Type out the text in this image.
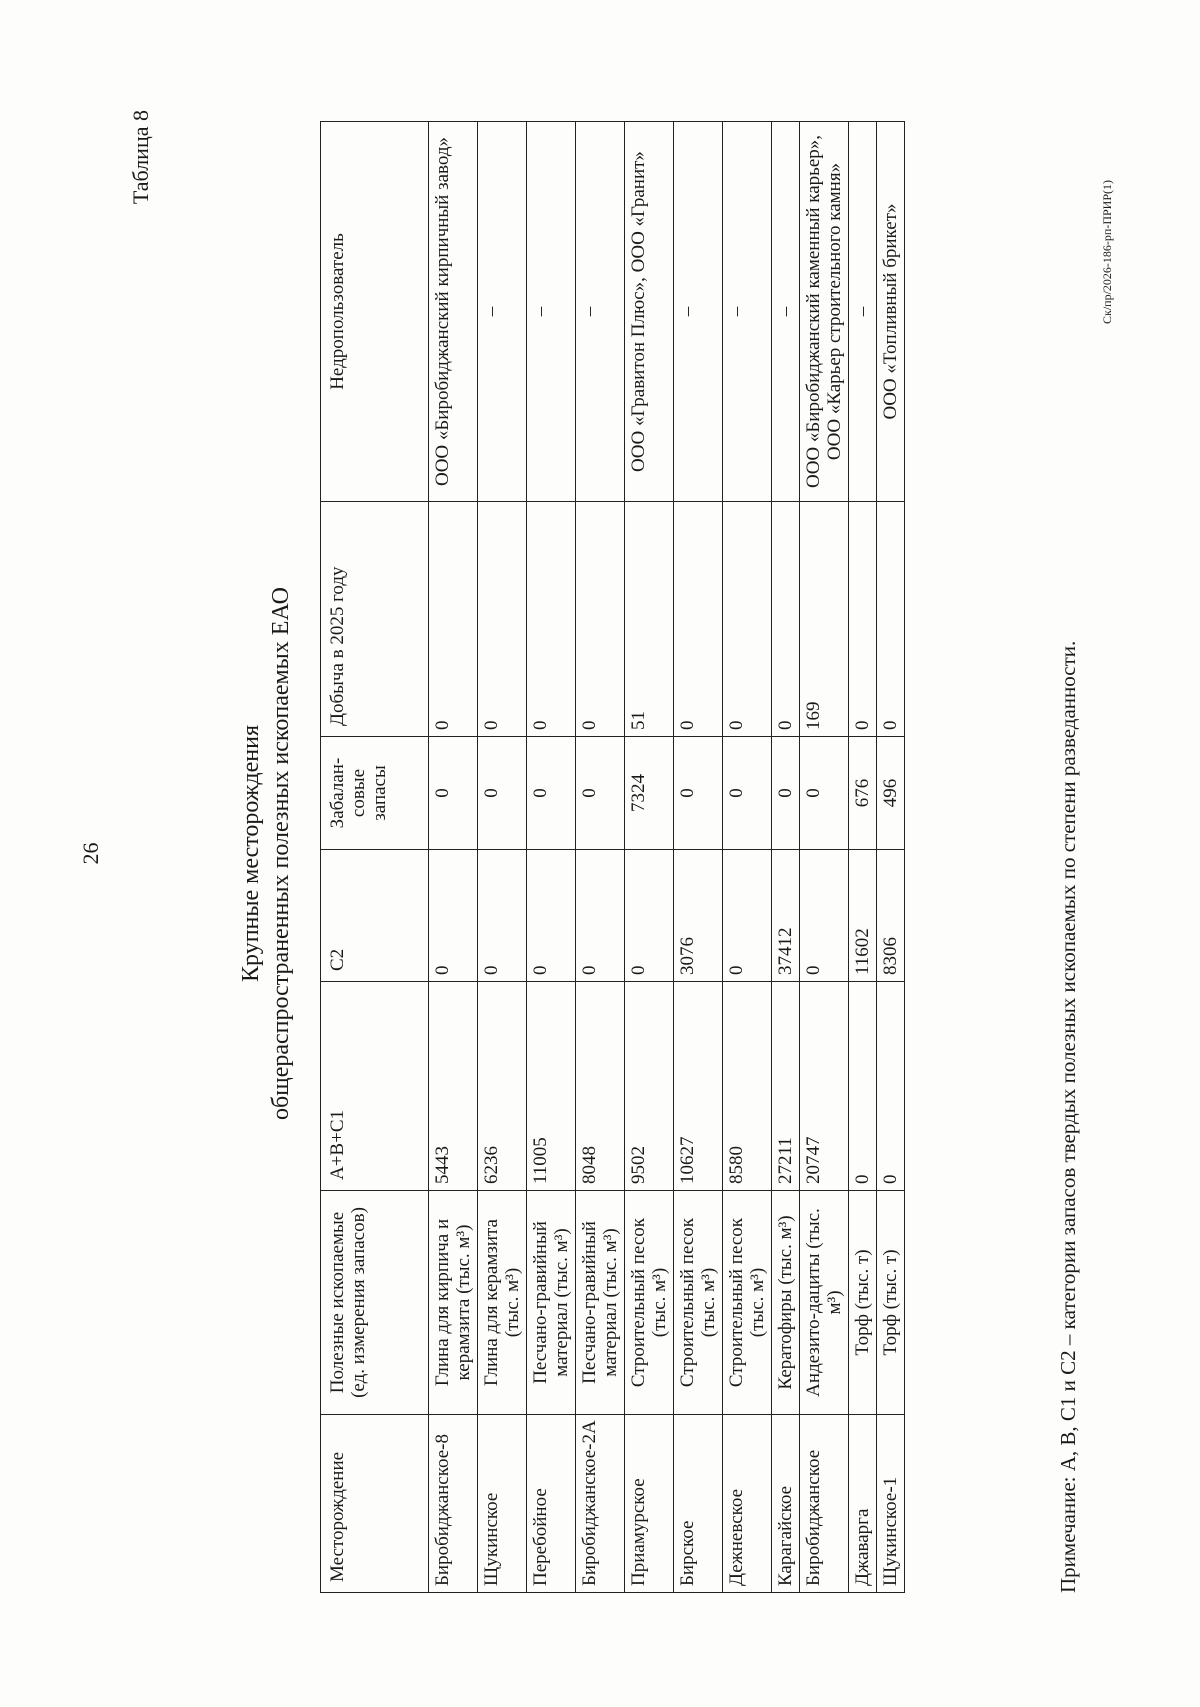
26
Таблица 8
Крупные месторождения общераспространенных полезных ископаемых ЕАО
Месторождение	Полезные ископаемые (ед. измерения запасов)	А+В+С1	С2	Забалан-совые запасы	Добыча в 2025 году	Недропользователь
Биробиджанское-8	Глина для кирпича и керамзита (тыс. м³)	5443	0	0	0	ООО «Биробиджанский кирпичный завод»
Щукинское	Глина для керамзита (тыс. м³)	6236	0	0	0	–
Перебойное	Песчано-гравийный материал (тыс. м³)	11005	0	0	0	–
Биробиджанское-2А	Песчано-гравийный материал (тыс. м³)	8048	0	0	0	–
Приамурское	Строительный песок (тыс. м³)	9502	0	7324	51	ООО «Гравитон Плюс», ООО «Гранит»
Бирское	Строительный песок (тыс. м³)	10627	3076	0	0	–
Дежневское	Строительный песок (тыс. м³)	8580	0	0	0	–
Карагайское	Кератофиры (тыс. м³)	27211	37412	0	0	–
Биробиджанское	Андезито-дациты (тыс. м³)	20747	0	0	169	ООО «Биробиджанский каменный карьер», ООО «Карьер строительного камня»
Джаварга	Торф (тыс. т)	0	11602	676	0	–
Щукинское-1	Торф (тыс. т)	0	8306	496	0	ООО «Топливный брикет»
Примечание: А, В, С1 и С2 – категории запасов твердых полезных ископаемых по степени разведанности.
Ск/пр/2026-186-рп-ПРИР(1)
